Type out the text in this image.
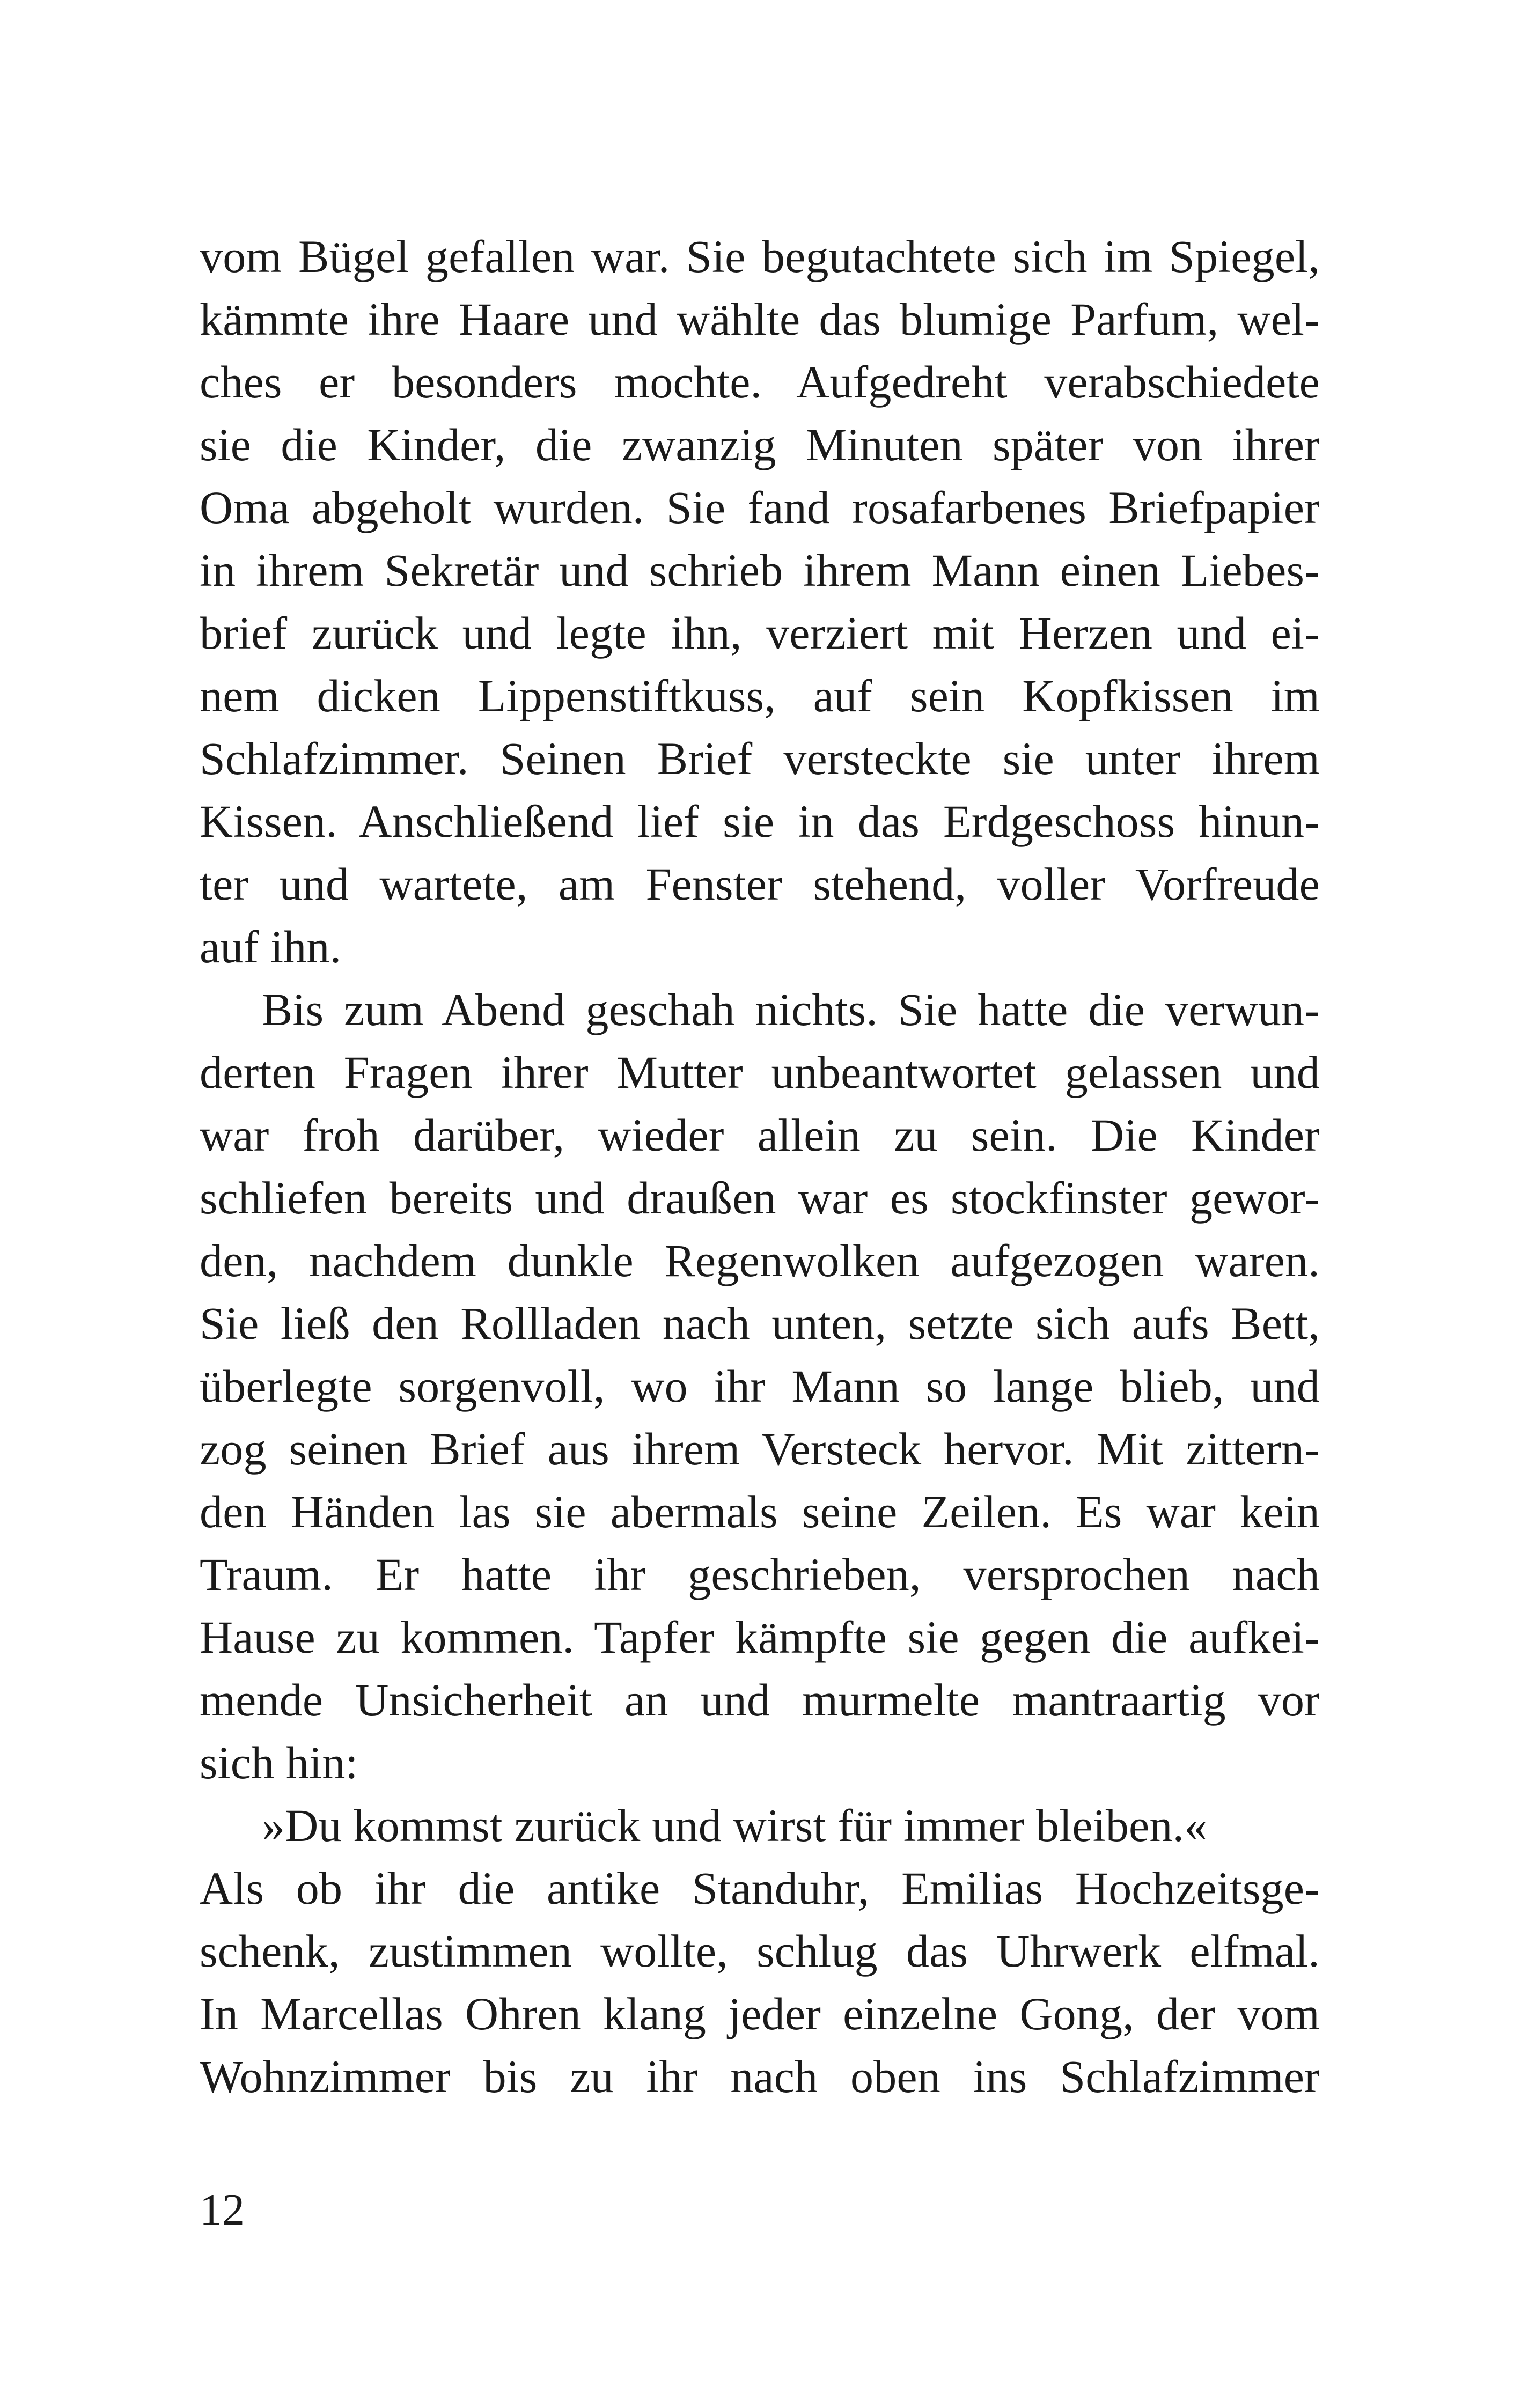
vom Bügel gefallen war. Sie begutachtete sich im Spiegel,
kämmte ihre Haare und wählte das blumige Parfum, wel-
ches er besonders mochte. Aufgedreht verabschiedete
sie die Kinder, die zwanzig Minuten später von ihrer
Oma abgeholt wurden. Sie fand rosafarbenes Briefpapier
in ihrem Sekretär und schrieb ihrem Mann einen Liebes-
brief zurück und legte ihn, verziert mit Herzen und ei-
nem dicken Lippenstiftkuss, auf sein Kopfkissen im
Schlafzimmer. Seinen Brief versteckte sie unter ihrem
Kissen. Anschließend lief sie in das Erdgeschoss hinun-
ter und wartete, am Fenster stehend, voller Vorfreude
auf ihn.
Bis zum Abend geschah nichts. Sie hatte die verwun-
derten Fragen ihrer Mutter unbeantwortet gelassen und
war froh darüber, wieder allein zu sein. Die Kinder
schliefen bereits und draußen war es stockfinster gewor-
den, nachdem dunkle Regenwolken aufgezogen waren.
Sie ließ den Rollladen nach unten, setzte sich aufs Bett,
überlegte sorgenvoll, wo ihr Mann so lange blieb, und
zog seinen Brief aus ihrem Versteck hervor. Mit zittern-
den Händen las sie abermals seine Zeilen. Es war kein
Traum. Er hatte ihr geschrieben, versprochen nach
Hause zu kommen. Tapfer kämpfte sie gegen die aufkei-
mende Unsicherheit an und murmelte mantraartig vor
sich hin:
»Du kommst zurück und wirst für immer bleiben.«
Als ob ihr die antike Standuhr, Emilias Hochzeitsge-
schenk, zustimmen wollte, schlug das Uhrwerk elfmal.
In Marcellas Ohren klang jeder einzelne Gong, der vom
Wohnzimmer bis zu ihr nach oben ins Schlafzimmer
12
